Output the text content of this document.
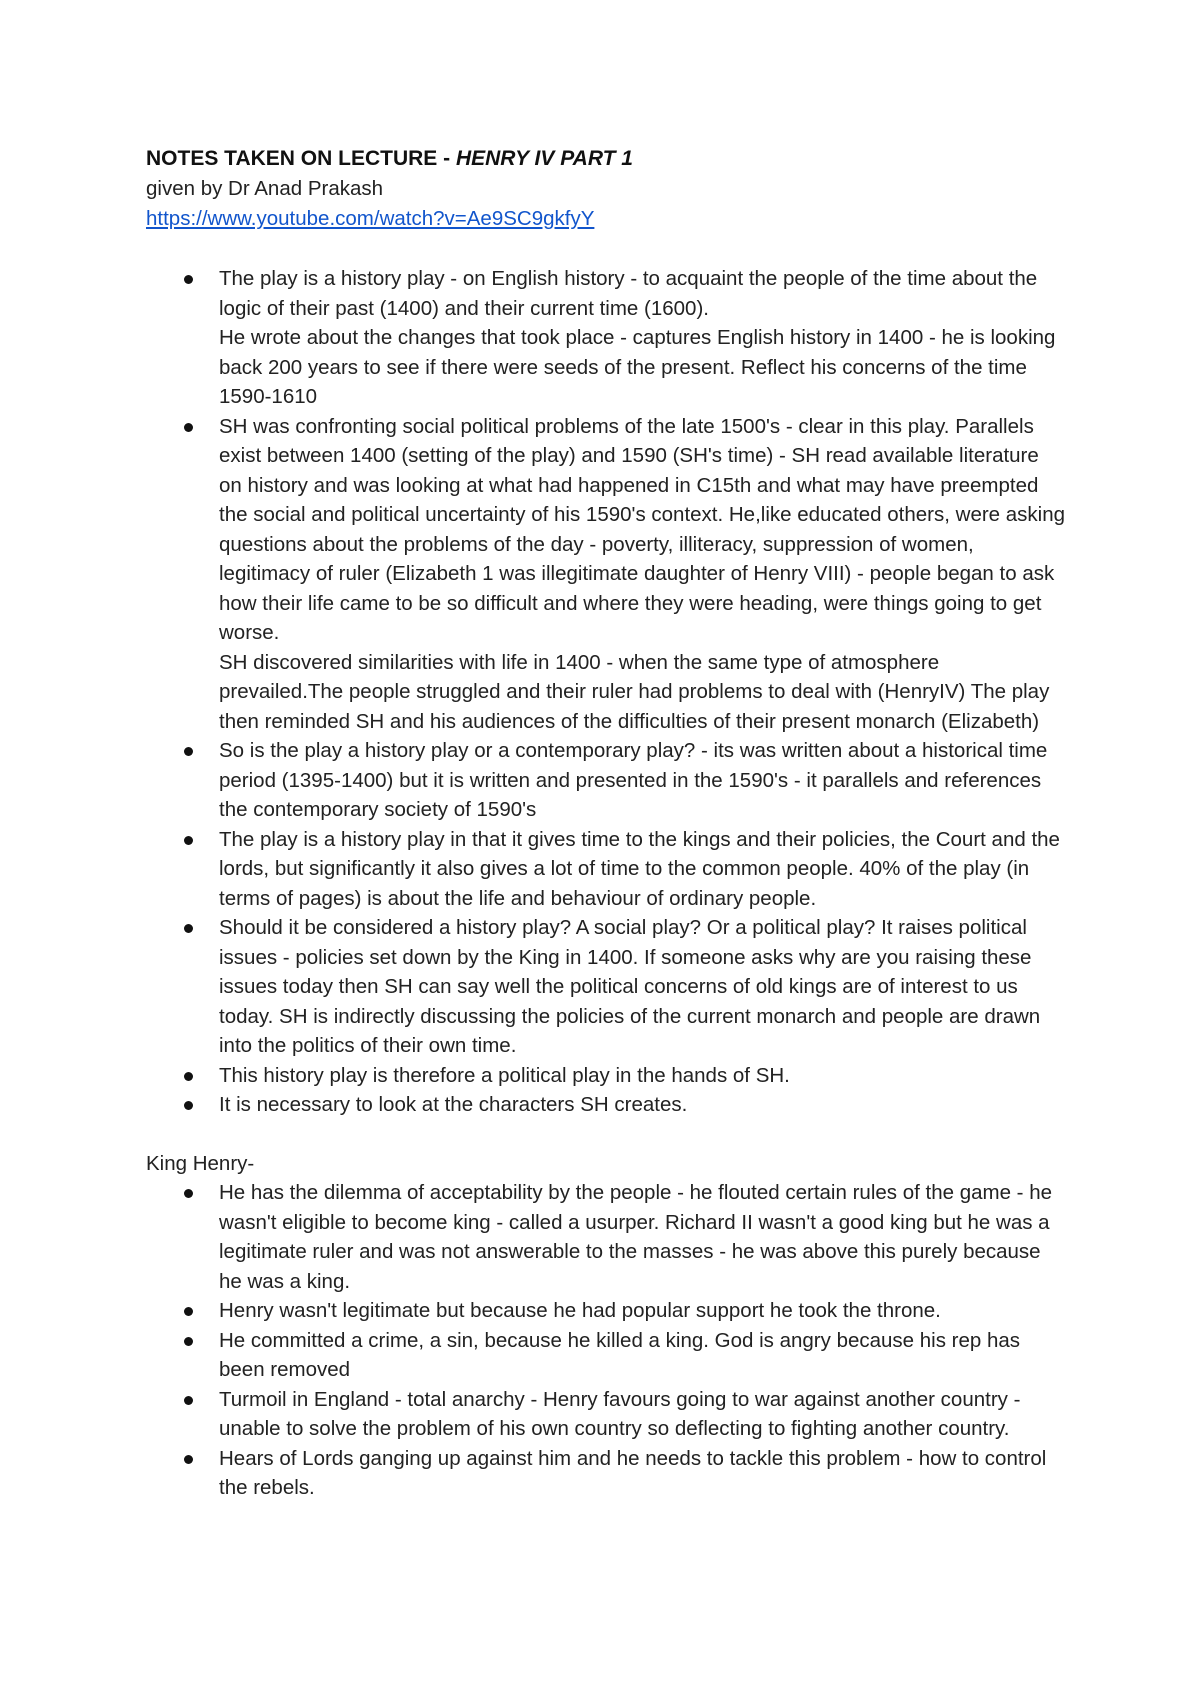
NOTES TAKEN ON LECTURE - HENRY IV PART 1
given by Dr Anad Prakash
https://www.youtube.com/watch?v=Ae9SC9gkfyY
The play is a history play - on English history - to acquaint the people of the time about the logic of their past (1400) and their current time (1600).
He wrote about the changes that took place - captures English history in 1400 - he is looking back 200 years to see if there were seeds of the present. Reflect his concerns of the time 1590-1610
SH was confronting social political problems of the late 1500's - clear in this play. Parallels exist between 1400 (setting of the play) and 1590 (SH's time) - SH read available literature on history and was looking at what had happened in C15th and what may have preempted the social and political uncertainty of his 1590's context. He,like educated others, were asking questions about the problems of the day - poverty, illiteracy, suppression of women, legitimacy of ruler (Elizabeth 1 was illegitimate daughter of Henry VIII) - people began to ask how their life came to be so difficult and where they were heading, were things going to get worse.
SH discovered similarities with life in 1400 - when the same type of atmosphere prevailed.The people struggled and their ruler had problems to deal with (HenryIV) The play then reminded SH and his audiences of the difficulties of their present monarch (Elizabeth)
So is the play a history play or a contemporary play? - its was written about a historical time period (1395-1400) but it is written and presented in the 1590's - it parallels and references the contemporary society of 1590's
The play is a history play in that it gives time to the kings and their policies, the Court and the lords, but significantly it also gives a lot of time to the common people. 40% of the play (in terms of pages) is about the life and behaviour of ordinary people.
Should it be considered a history play? A social play? Or a political play? It raises political issues - policies set down by the King in 1400. If someone asks why are you raising these issues today then SH can say well the political concerns of old kings are of interest to us today. SH is indirectly discussing the policies of the current monarch and people are drawn into the politics of their own time.
This history play is therefore a political play in the hands of SH.
It is necessary to look at the characters SH creates.
King Henry-
He has the dilemma of acceptability by the people - he flouted certain rules of the game - he wasn't eligible to become king - called a usurper. Richard II wasn't a good king but he was a legitimate ruler and was not answerable to the masses - he was above this purely because he was a king.
Henry wasn't legitimate but because he had popular support he took the throne.
He committed a crime, a sin, because he killed a king. God is angry because his rep has been removed
Turmoil in England - total anarchy - Henry favours going to war against another country - unable to solve the problem of his own country so deflecting to fighting another country.
Hears of Lords ganging up against him and he needs to tackle this problem - how to control the rebels.
